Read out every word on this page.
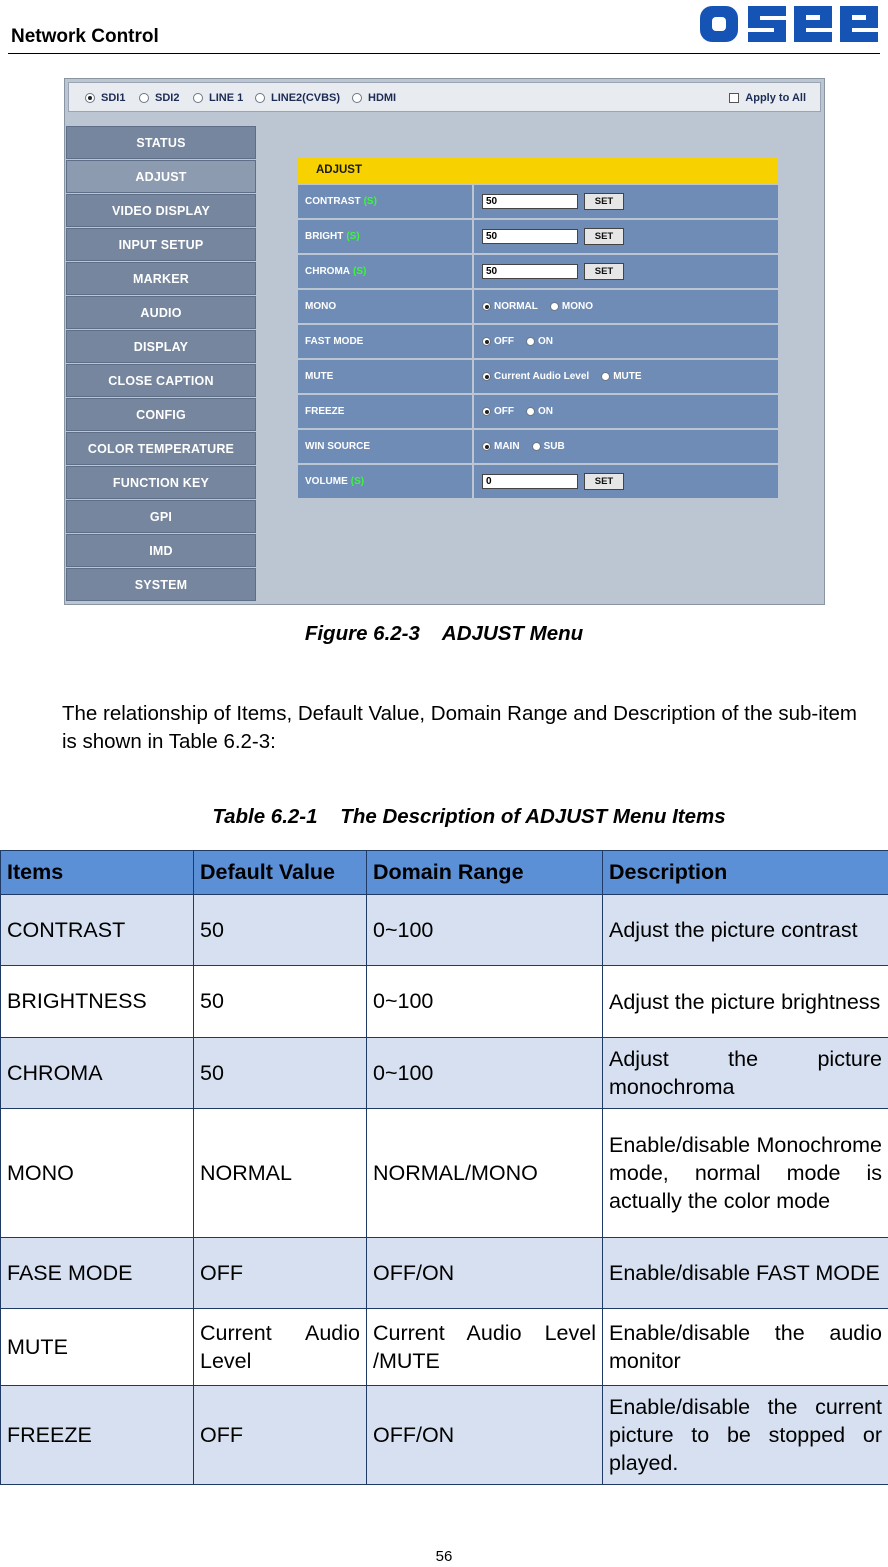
Network Control
SDI1	SDI2	LINE 1	LINE2(CVBS)	HDMI	Apply to All
STATUS
ADJUST
VIDEO DISPLAY
INPUT SETUP
MARKER
AUDIO
DISPLAY
CLOSE CAPTION
CONFIG
COLOR TEMPERATURE
FUNCTION KEY
GPI
IMD
SYSTEM
ADJUST
CONTRAST (S)	50	SET
BRIGHT (S)	50	SET
CHROMA (S)	50	SET
MONO	NORMAL MONO
FAST MODE	OFF ON
MUTE	Current Audio Level MUTE
FREEZE	OFF ON
WIN SOURCE	MAIN SUB
VOLUME (S)	0	SET
Figure 6.2-3    ADJUST Menu
The relationship of Items, Default Value, Domain Range and Description of the sub-item is shown in Table 6.2-3:
Table 6.2-1    The Description of ADJUST Menu Items
Items	Default Value	Domain Range	Description
CONTRAST	50	0~100	Adjust the picture contrast
BRIGHTNESS	50	0~100	Adjust the picture brightness
CHROMA	50	0~100	Adjust the picture monochroma
MONO	NORMAL	NORMAL/MONO	Enable/disable Monochrome mode, normal mode is actually the color mode
FASE MODE	OFF	OFF/ON	Enable/disable FAST MODE
MUTE	Current Audio Level	Current Audio Level /MUTE	Enable/disable the audio monitor
FREEZE	OFF	OFF/ON	Enable/disable the current picture to be stopped or played.
56
